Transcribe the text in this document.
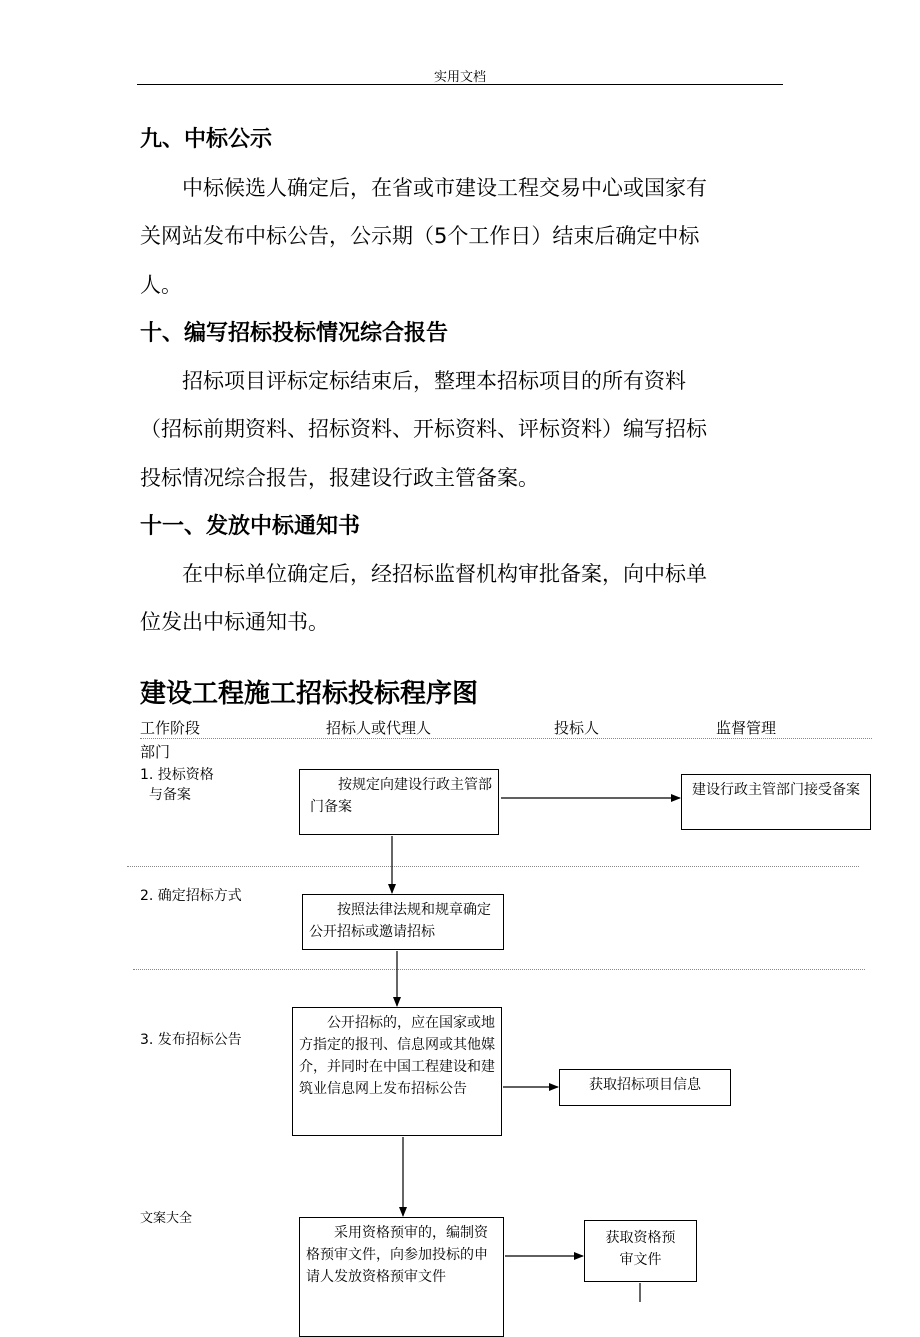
实用文档
九、中标公示
　　中标候选人确定后，在省或市建设工程交易中心或国家有
关网站发布中标公告，公示期（5个工作日）结束后确定中标
人。
十、编写招标投标情况综合报告
　　招标项目评标定标结束后，整理本招标项目的所有资料
（招标前期资料、招标资料、开标资料、评标资料）编写招标
投标情况综合报告，报建设行政主管备案。
十一、发放中标通知书
　　在中标单位确定后，经招标监督机构审批备案，向中标单
位发出中标通知书。
建设工程施工招标投标程序图
工作阶段	招标人或代理人	投标人	监督管理
部门
1. 投标资格
与备案
2. 确定招标方式
3. 发布招标公告
按规定向建设行政主管部门备案
建设行政主管部门接受备案
按照法律法规和规章确定公开招标或邀请招标
公开招标的，应在国家或地方指定的报刊、信息网或其他媒介，并同时在中国工程建设和建筑业信息网上发布招标公告	获取招标项目信息
采用资格预审的，编制资格预审文件，向参加投标的申请人发放资格预审文件
获取资格预审文件
文案大全
